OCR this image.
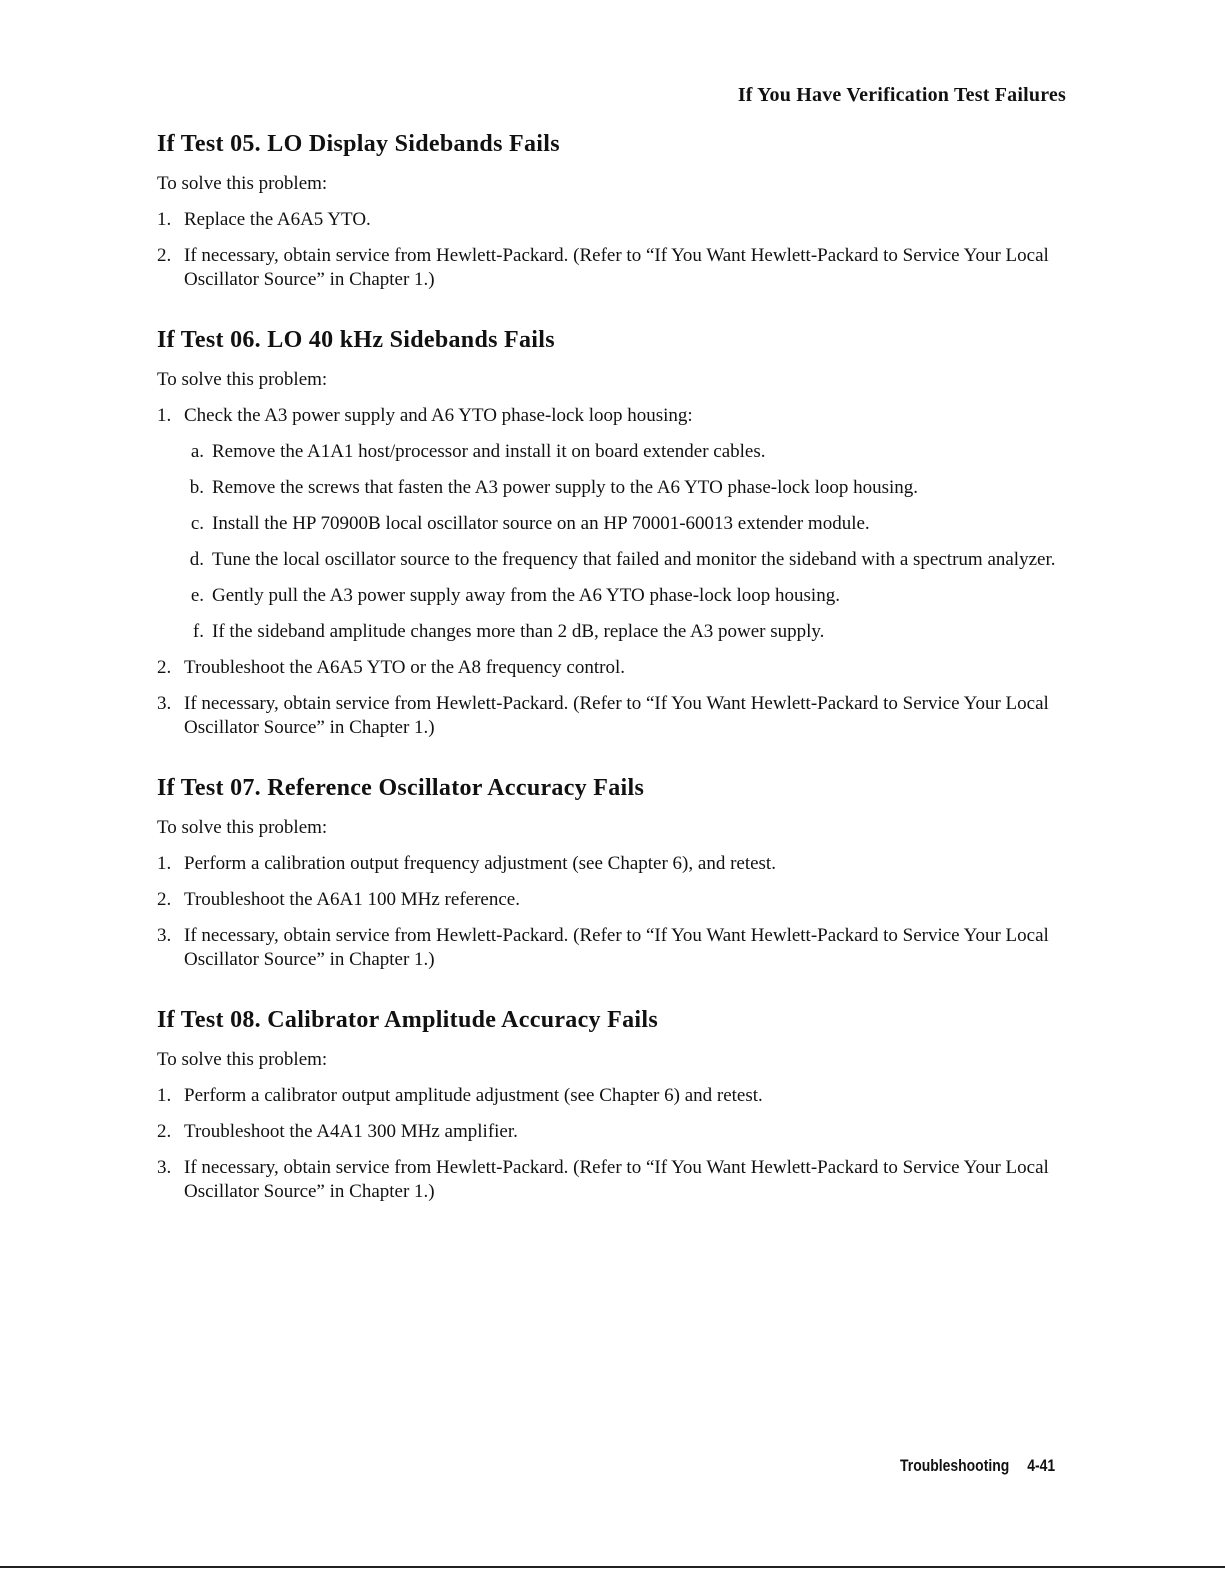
If You Have Verification Test Failures
If Test 05. LO Display Sidebands Fails

To solve this problem:

1. Replace the A6A5 YTO.
2. If necessary, obtain service from Hewlett-Packard. (Refer to “If You Want Hewlett-Packard to Service Your Local Oscillator Source” in Chapter 1.)
If Test 06. LO 40 kHz Sidebands Fails

To solve this problem:

1. Check the A3 power supply and A6 YTO phase-lock loop housing:
a. Remove the A1A1 host/processor and install it on board extender cables.
b. Remove the screws that fasten the A3 power supply to the A6 YTO phase-lock loop housing.
c. Install the HP 70900B local oscillator source on an HP 70001-60013 extender module.
d. Tune the local oscillator source to the frequency that failed and monitor the sideband with a spectrum analyzer.
e. Gently pull the A3 power supply away from the A6 YTO phase-lock loop housing.
f. If the sideband amplitude changes more than 2 dB, replace the A3 power supply.
2. Troubleshoot the A6A5 YTO or the A8 frequency control.
3. If necessary, obtain service from Hewlett-Packard. (Refer to “If You Want Hewlett-Packard to Service Your Local Oscillator Source” in Chapter 1.)
If Test 07. Reference Oscillator Accuracy Fails

To solve this problem:

1. Perform a calibration output frequency adjustment (see Chapter 6), and retest.
2. Troubleshoot the A6A1 100 MHz reference.
3. If necessary, obtain service from Hewlett-Packard. (Refer to “If You Want Hewlett-Packard to Service Your Local Oscillator Source” in Chapter 1.)
If Test 08. Calibrator Amplitude Accuracy Fails

To solve this problem:

1. Perform a calibrator output amplitude adjustment (see Chapter 6) and retest.
2. Troubleshoot the A4A1 300 MHz amplifier.
3. If necessary, obtain service from Hewlett-Packard. (Refer to “If You Want Hewlett-Packard to Service Your Local Oscillator Source” in Chapter 1.)
Troubleshooting 4-41
